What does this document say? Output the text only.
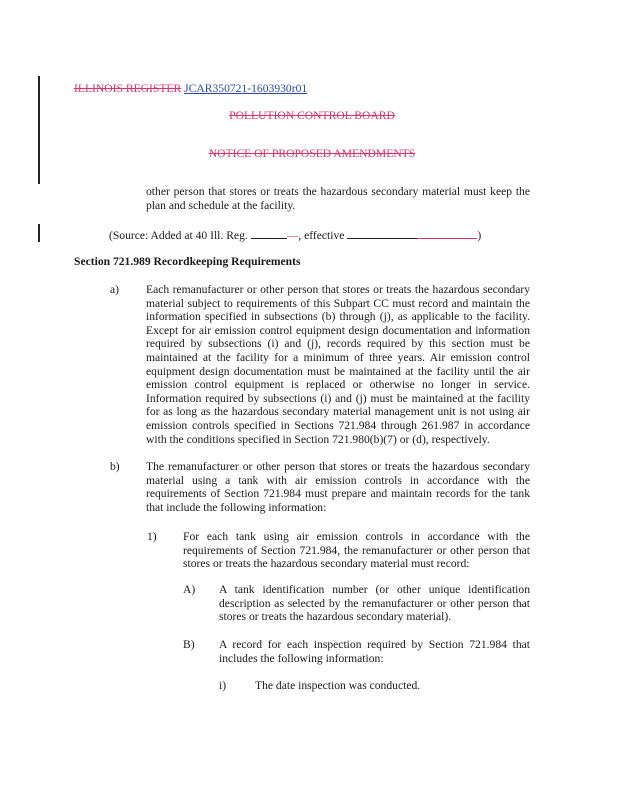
ILLINOIS REGISTER JCAR350721-1603930r01
POLLUTION CONTROL BOARD
NOTICE OF PROPOSED AMENDMENTS
other person that stores or treats the hazardous secondary material must keep the plan and schedule at the facility.
(Source: Added at 40 Ill. Reg.	—, effective	)
Section 721.989 Recordkeeping Requirements
a) Each remanufacturer or other person that stores or treats the hazardous secondary material subject to requirements of this Subpart CC must record and maintain the information specified in subsections (b) through (j), as applicable to the facility. Except for air emission control equipment design documentation and information required by subsections (i) and (j), records required by this section must be maintained at the facility for a minimum of three years. Air emission control equipment design documentation must be maintained at the facility until the air emission control equipment is replaced or otherwise no longer in service. Information required by subsections (i) and (j) must be maintained at the facility for as long as the hazardous secondary material management unit is not using air emission controls specified in Sections 721.984 through 261.987 in accordance with the conditions specified in Section 721.980(b)(7) or (d), respectively.
b) The remanufacturer or other person that stores or treats the hazardous secondary material using a tank with air emission controls in accordance with the requirements of Section 721.984 must prepare and maintain records for the tank that include the following information:
1) For each tank using air emission controls in accordance with the requirements of Section 721.984, the remanufacturer or other person that stores or treats the hazardous secondary material must record:
A) A tank identification number (or other unique identification description as selected by the remanufacturer or other person that stores or treats the hazardous secondary material).
B) A record for each inspection required by Section 721.984 that includes the following information:
i) The date inspection was conducted.
